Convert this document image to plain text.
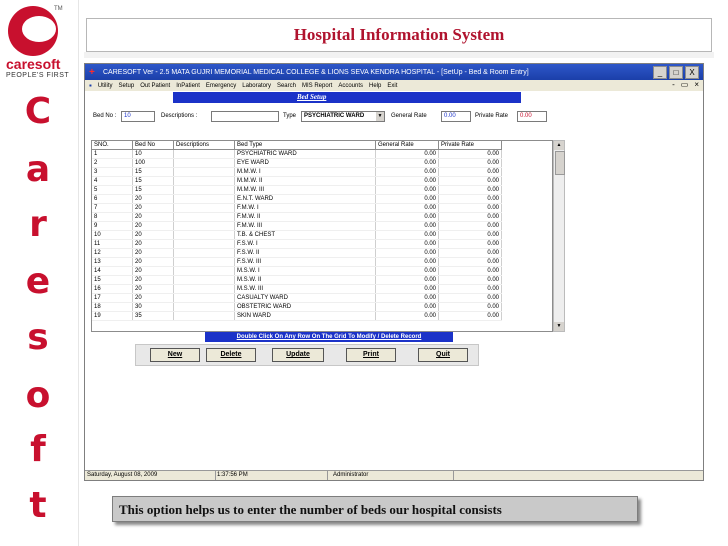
TM
caresoft
PEOPLE'S FIRST
C
a
r
e
s
o
f
t
Hospital Information System
+	CARESOFT Ver - 2.5 MATA GUJRI MEMORIAL MEDICAL COLLEGE & LIONS SEVA KENDRA HOSPITAL - [SetUp - Bed & Room Entry]	_	□	X
▪ Utility Setup Out Patient InPatient Emergency Laboratory Search MIS Report Accounts Help Exit	- ▭ ×
Bed Setup
Bed No :	10	Descriptions :	Type	PSYCHIATRIC WARD	▼ General Rate	0.00	Private Rate	0.00
SNO.	Bed No	Descriptions	Bed Type	General Rate	Private Rate
1	10		PSYCHIATRIC WARD	0.00	0.00
2	100		EYE WARD	0.00	0.00
3	15		M.M.W. I	0.00	0.00
4	15		M.M.W. II	0.00	0.00
5	15		M.M.W. III	0.00	0.00
6	20		E.N.T. WARD	0.00	0.00
7	20		F.M.W. I	0.00	0.00
8	20		F.M.W. II	0.00	0.00
9	20		F.M.W. III	0.00	0.00
10	20		T.B. & CHEST	0.00	0.00
11	20		F.S.W. I	0.00	0.00
12	20		F.S.W. II	0.00	0.00
13	20		F.S.W. III	0.00	0.00
14	20		M.S.W. I	0.00	0.00
15	20		M.S.W. II	0.00	0.00
16	20		M.S.W. III	0.00	0.00
17	20		CASUALTY WARD	0.00	0.00
18	30		OBSTETRIC WARD	0.00	0.00
19	35		SKIN WARD	0.00	0.00
▲
▼
Double Click On Any Row On The Grid To Modify / Delete Record
New	Delete	Update	Print	Quit
Saturday, August 08, 2009	1:37:56 PM	Administrator
This option helps us to enter the number of beds our hospital consists
